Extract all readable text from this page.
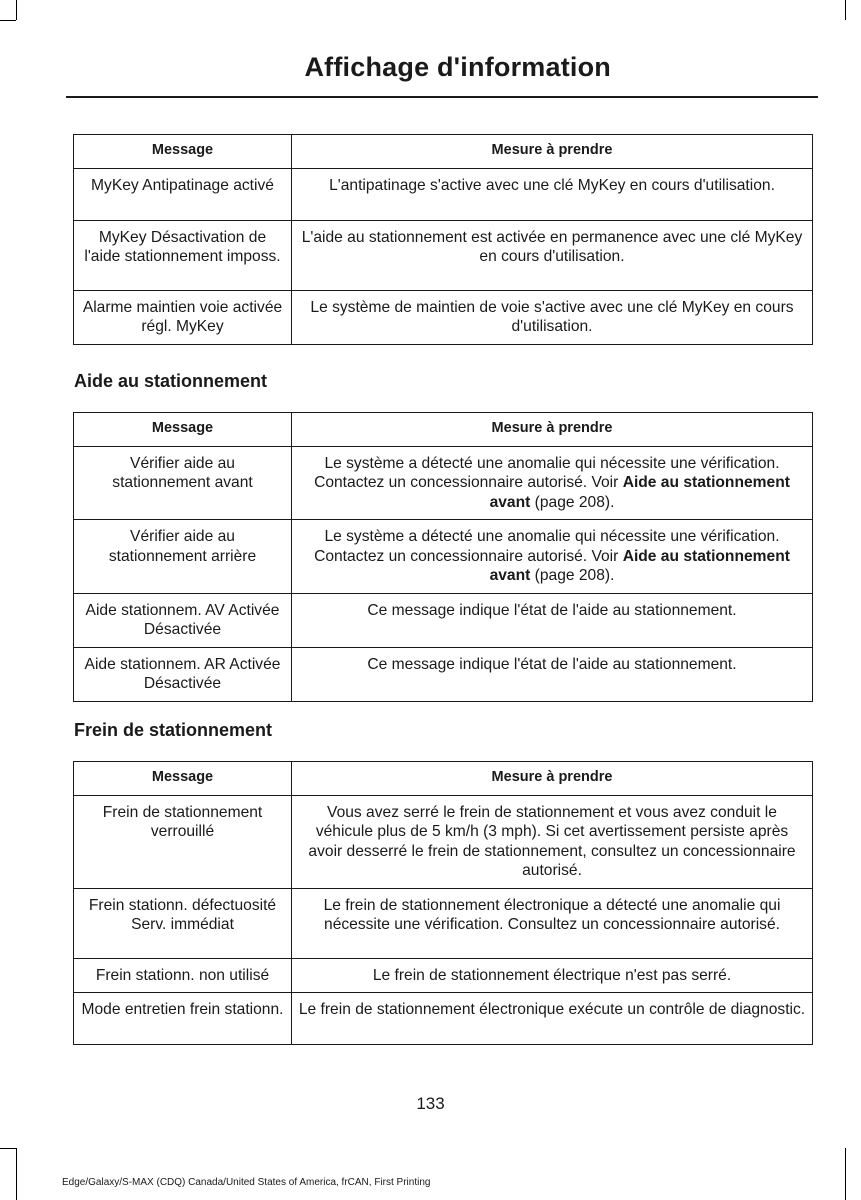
Affichage d'information
Message	Mesure à prendre
MyKey Antipatinage activé	L'antipatinage s'active avec une clé MyKey en cours d'utilisation.
MyKey Désactivation de l'aide stationnement imposs.	L'aide au stationnement est activée en permanence avec une clé MyKey en cours d'utilisation.
Alarme maintien voie activée régl. MyKey	Le système de maintien de voie s'active avec une clé MyKey en cours d'utilisation.
Aide au stationnement
Message	Mesure à prendre
Vérifier aide au stationnement avant	Le système a détecté une anomalie qui nécessite une vérification. Contactez un concessionnaire autorisé. Voir Aide au stationnement avant (page 208).
Vérifier aide au stationnement arrière	Le système a détecté une anomalie qui nécessite une vérification. Contactez un concessionnaire autorisé. Voir Aide au stationnement avant (page 208).
Aide stationnem. AV Activée Désactivée	Ce message indique l'état de l'aide au stationnement.
Aide stationnem. AR Activée Désactivée	Ce message indique l'état de l'aide au stationnement.
Frein de stationnement
Message	Mesure à prendre
Frein de stationnement verrouillé	Vous avez serré le frein de stationnement et vous avez conduit le véhicule plus de 5 km/h (3 mph). Si cet avertissement persiste après avoir desserré le frein de stationnement, consultez un concessionnaire autorisé.
Frein stationn. défectuosité Serv. immédiat	Le frein de stationnement électronique a détecté une anomalie qui nécessite une vérification. Consultez un concessionnaire autorisé.
Frein stationn. non utilisé	Le frein de stationnement électrique n'est pas serré.
Mode entretien frein stationn.	Le frein de stationnement électronique exécute un contrôle de diagnostic.
133
Edge/Galaxy/S-MAX (CDQ) Canada/United States of America, frCAN, First Printing
